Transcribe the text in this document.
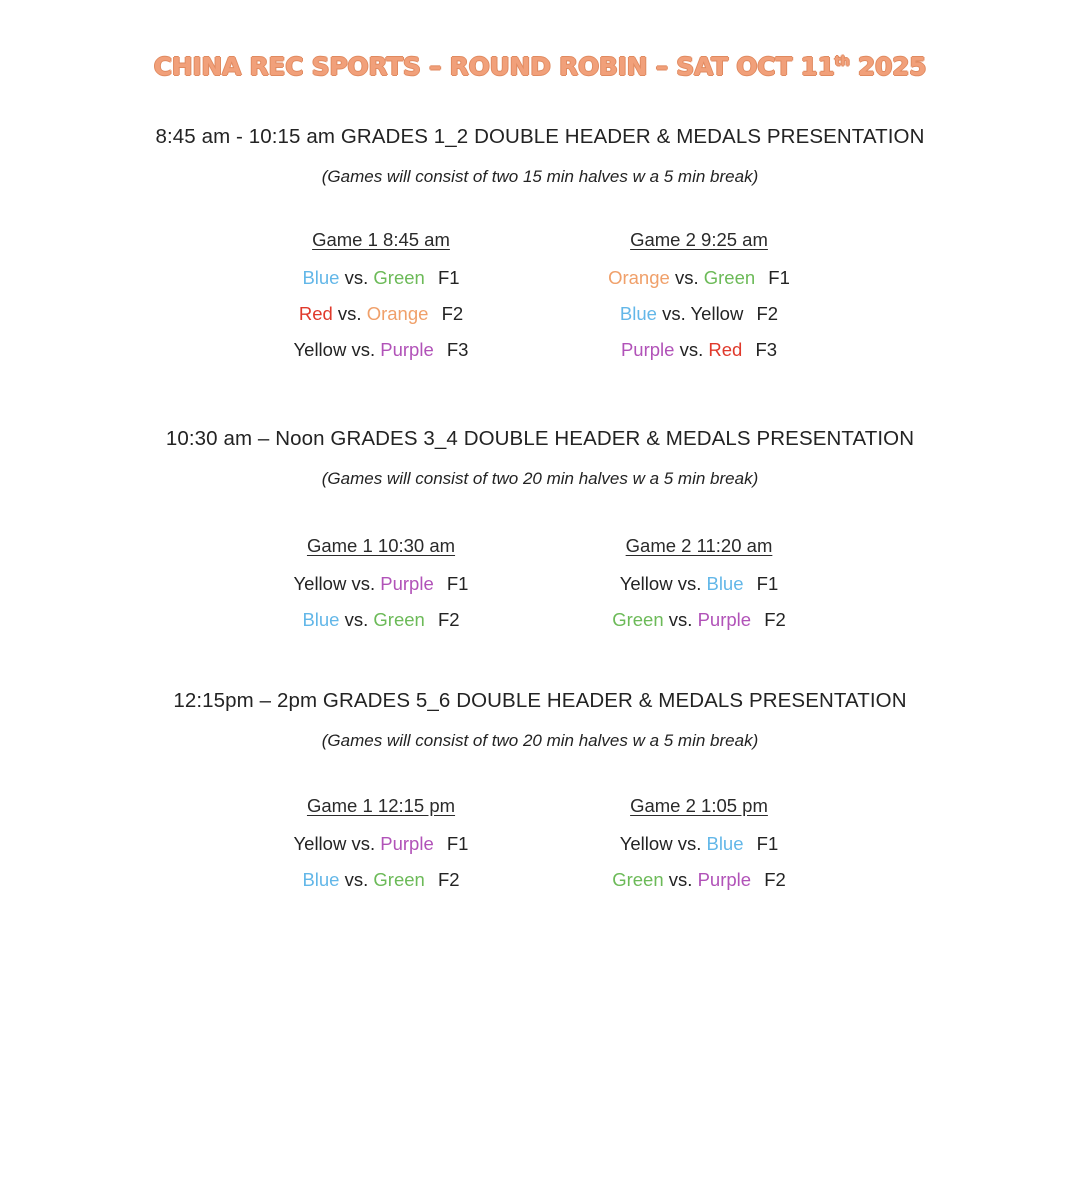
CHINA REC SPORTS – ROUND ROBIN – SAT OCT 11th 2025
8:45 am - 10:15 am GRADES 1_2 DOUBLE HEADER & MEDALS PRESENTATION
(Games will consist of two 15 min halves w a 5 min break)
Game 1 8:45 am
Blue vs. Green F1
Red vs. Orange F2
Yellow vs. Purple F3
Game 2 9:25 am
Orange vs. Green F1
Blue vs. Yellow F2
Purple vs. Red F3
10:30 am – Noon GRADES 3_4 DOUBLE HEADER & MEDALS PRESENTATION
(Games will consist of two 20 min halves w a 5 min break)
Game 1 10:30 am
Yellow vs. Purple F1
Blue vs. Green F2
Game 2 11:20 am
Yellow vs. Blue F1
Green vs. Purple F2
12:15pm – 2pm GRADES 5_6 DOUBLE HEADER & MEDALS PRESENTATION
(Games will consist of two 20 min halves w a 5 min break)
Game 1 12:15 pm
Yellow vs. Purple F1
Blue vs. Green F2
Game 2 1:05 pm
Yellow vs. Blue F1
Green vs. Purple F2
